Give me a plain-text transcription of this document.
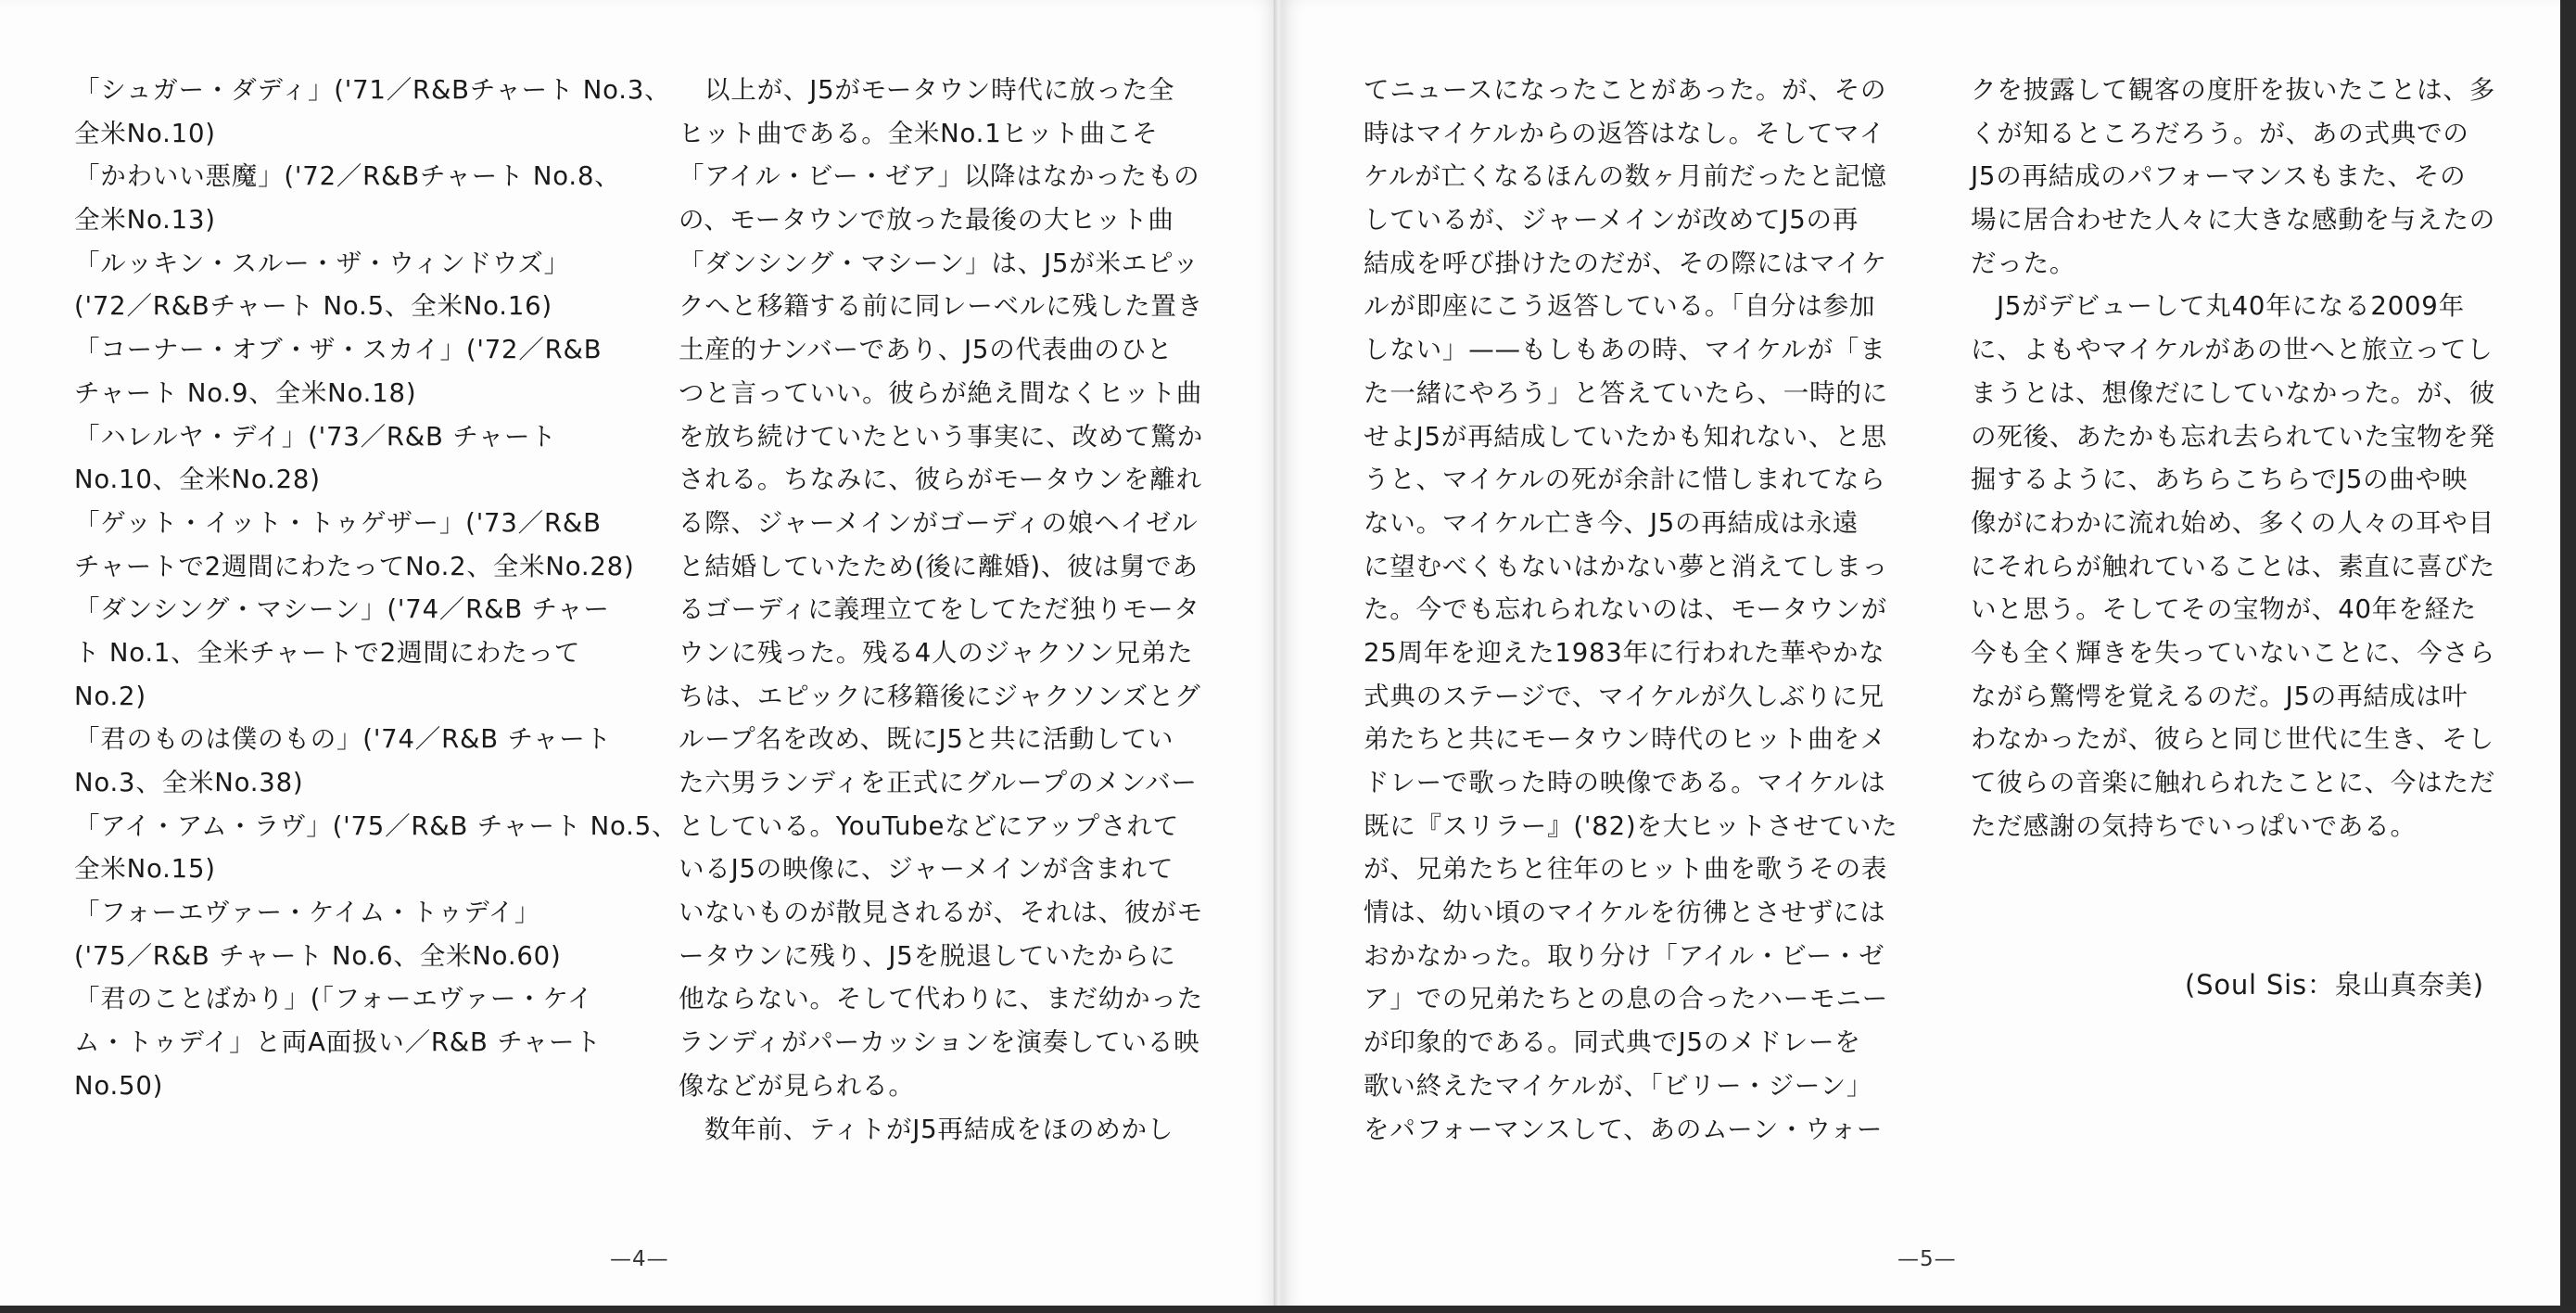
「シュガー・ダディ」('71／R&Bチャート No.3、
全米No.10)
「かわいい悪魔」('72／R&Bチャート No.8、
全米No.13)
「ルッキン・スルー・ザ・ウィンドウズ」
('72／R&Bチャート No.5、全米No.16)
「コーナー・オブ・ザ・スカイ」('72／R&B
チャート No.9、全米No.18)
「ハレルヤ・デイ」('73／R&B チャート
No.10、全米No.28)
「ゲット・イット・トゥゲザー」('73／R&B
チャートで2週間にわたってNo.2、全米No.28)
「ダンシング・マシーン」('74／R&B チャー
ト No.1、全米チャートで2週間にわたって
No.2)
「君のものは僕のもの」('74／R&B チャート
No.3、全米No.38)
「アイ・アム・ラヴ」('75／R&B チャート No.5、
全米No.15)
「フォーエヴァー・ケイム・トゥデイ」
('75／R&B チャート No.6、全米No.60)
「君のことばかり」(「フォーエヴァー・ケイ
ム・トゥデイ」と両A面扱い／R&B チャート
No.50)
以上が、J5がモータウン時代に放った全
ヒット曲である。全米No.1ヒット曲こそ
「アイル・ビー・ゼア」以降はなかったもの
の、モータウンで放った最後の大ヒット曲
「ダンシング・マシーン」は、J5が米エピッ
クへと移籍する前に同レーベルに残した置き
土産的ナンバーであり、J5の代表曲のひと
つと言っていい。彼らが絶え間なくヒット曲
を放ち続けていたという事実に、改めて驚か
される。ちなみに、彼らがモータウンを離れ
る際、ジャーメインがゴーディの娘ヘイゼル
と結婚していたため(後に離婚)、彼は舅であ
るゴーディに義理立てをしてただ独りモータ
ウンに残った。残る4人のジャクソン兄弟た
ちは、エピックに移籍後にジャクソンズとグ
ループ名を改め、既にJ5と共に活動してい
た六男ランディを正式にグループのメンバー
としている。YouTubeなどにアップされて
いるJ5の映像に、ジャーメインが含まれて
いないものが散見されるが、それは、彼がモ
ータウンに残り、J5を脱退していたからに
他ならない。そして代わりに、まだ幼かった
ランディがパーカッションを演奏している映
像などが見られる。
数年前、ティトがJ5再結成をほのめかし
—4—
てニュースになったことがあった。が、その
時はマイケルからの返答はなし。そしてマイ
ケルが亡くなるほんの数ヶ月前だったと記憶
しているが、ジャーメインが改めてJ5の再
結成を呼び掛けたのだが、その際にはマイケ
ルが即座にこう返答している。「自分は参加
しない」——もしもあの時、マイケルが「ま
た一緒にやろう」と答えていたら、一時的に
せよJ5が再結成していたかも知れない、と思
うと、マイケルの死が余計に惜しまれてなら
ない。マイケル亡き今、J5の再結成は永遠
に望むべくもないはかない夢と消えてしまっ
た。今でも忘れられないのは、モータウンが
25周年を迎えた1983年に行われた華やかな
式典のステージで、マイケルが久しぶりに兄
弟たちと共にモータウン時代のヒット曲をメ
ドレーで歌った時の映像である。マイケルは
既に『スリラー』('82)を大ヒットさせていた
が、兄弟たちと往年のヒット曲を歌うその表
情は、幼い頃のマイケルを彷彿とさせずには
おかなかった。取り分け「アイル・ビー・ゼ
ア」での兄弟たちとの息の合ったハーモニー
が印象的である。同式典でJ5のメドレーを
歌い終えたマイケルが、「ビリー・ジーン」
をパフォーマンスして、あのムーン・ウォー
クを披露して観客の度肝を抜いたことは、多
くが知るところだろう。が、あの式典での
J5の再結成のパフォーマンスもまた、その
場に居合わせた人々に大きな感動を与えたの
だった。
J5がデビューして丸40年になる2009年
に、よもやマイケルがあの世へと旅立ってし
まうとは、想像だにしていなかった。が、彼
の死後、あたかも忘れ去られていた宝物を発
掘するように、あちらこちらでJ5の曲や映
像がにわかに流れ始め、多くの人々の耳や目
にそれらが触れていることは、素直に喜びた
いと思う。そしてその宝物が、40年を経た
今も全く輝きを失っていないことに、今さら
ながら驚愕を覚えるのだ。J5の再結成は叶
わなかったが、彼らと同じ世代に生き、そし
て彼らの音楽に触れられたことに、今はただ
ただ感謝の気持ちでいっぱいである。
(Soul Sis：泉山真奈美)
—5—
